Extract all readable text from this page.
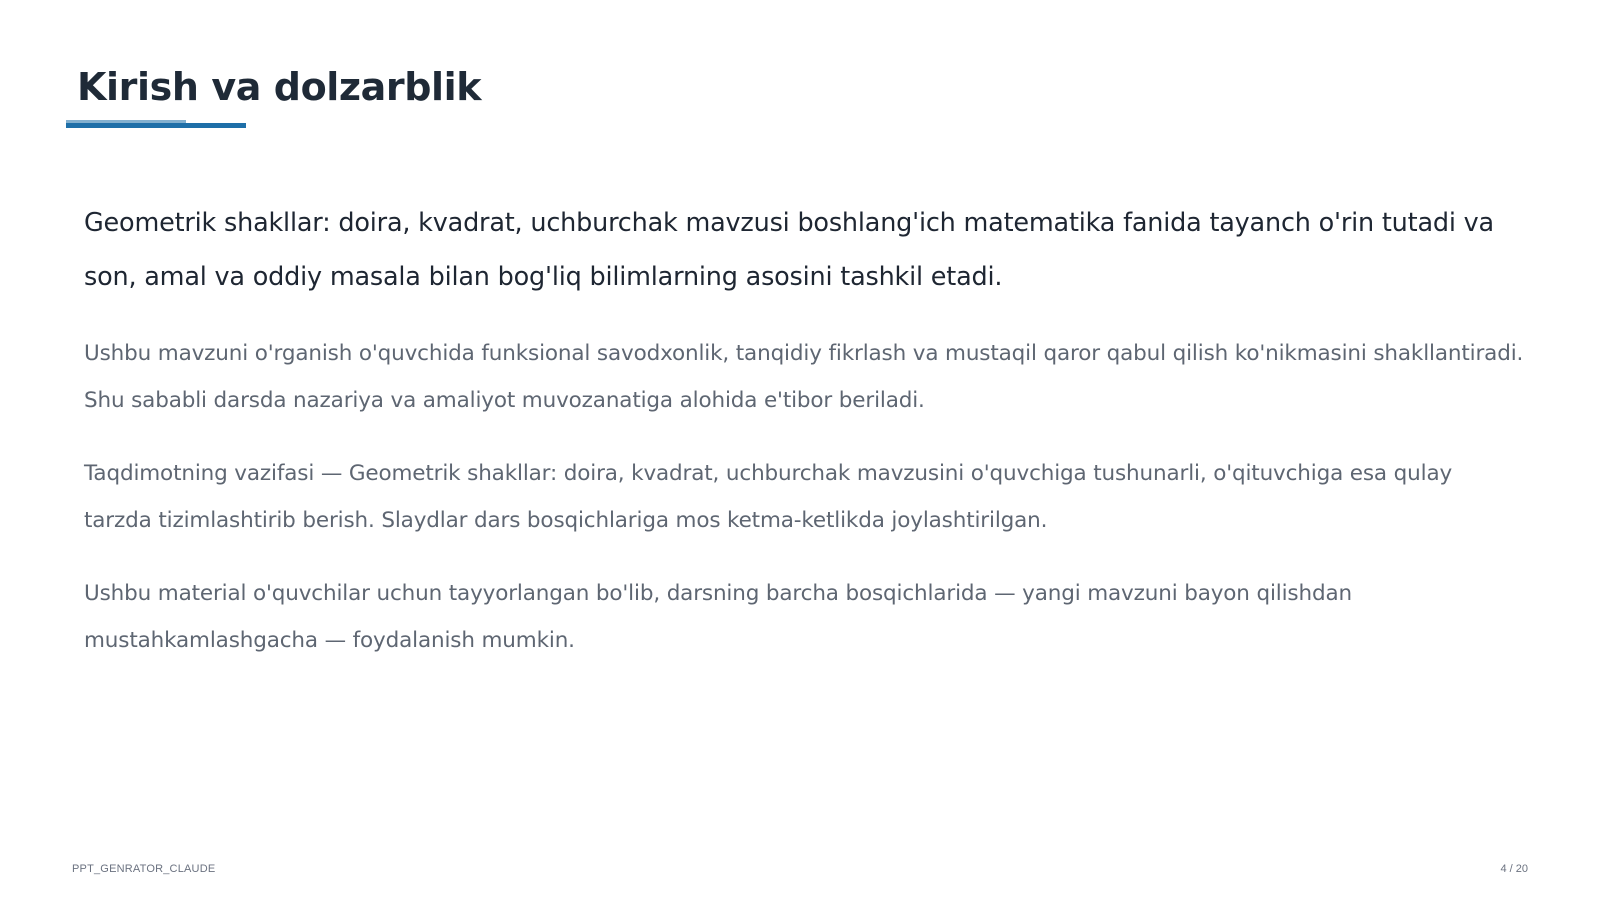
Kirish va dolzarblik

Geometrik shakllar: doira, kvadrat, uchburchak mavzusi boshlang'ich matematika fanida tayanch o'rin tutadi va son, amal va oddiy masala bilan bog'liq bilimlarning asosini tashkil etadi.

Ushbu mavzuni o'rganish o'quvchida funksional savodxonlik, tanqidiy fikrlash va mustaqil qaror qabul qilish ko'nikmasini shakllantiradi. Shu sababli darsda nazariya va amaliyot muvozanatiga alohida e'tibor beriladi.

Taqdimotning vazifasi — Geometrik shakllar: doira, kvadrat, uchburchak mavzusini o'quvchiga tushunarli, o'qituvchiga esa qulay tarzda tizimlashtirib berish. Slaydlar dars bosqichlariga mos ketma-ketlikda joylashtirilgan.

Ushbu material o'quvchilar uchun tayyorlangan bo'lib, darsning barcha bosqichlarida — yangi mavzuni bayon qilishdan mustahkamlashgacha — foydalanish mumkin.

PPT_GENRATOR_CLAUDE	4 / 20
